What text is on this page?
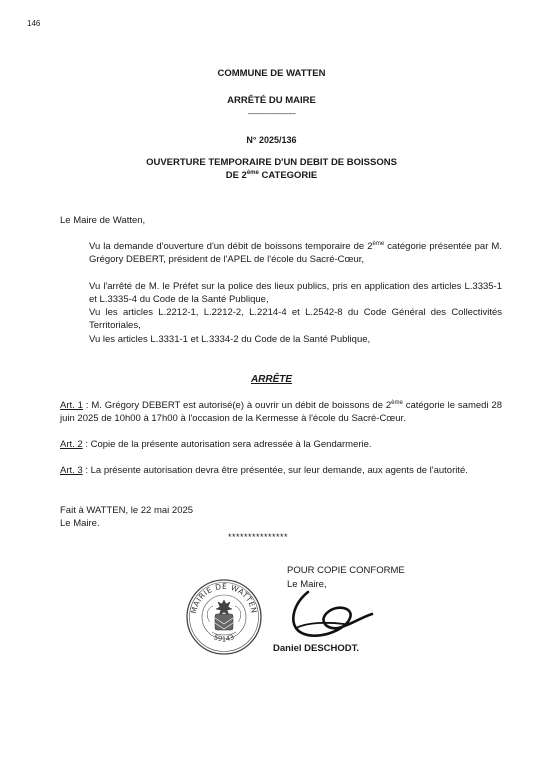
146
COMMUNE DE WATTEN
ARRÊTÉ DU MAIRE
--------------------------
N° 2025/136
OUVERTURE TEMPORAIRE D'UN DEBIT DE BOISSONS
DE 2ème CATEGORIE
Le Maire de Watten,
Vu la demande d'ouverture d'un débit de boissons temporaire de 2ème catégorie présentée par M. Grégory DEBERT, président de l'APEL de l'école du Sacré-Cœur,
Vu l'arrêté de M. le Préfet sur la police des lieux publics, pris en application des articles L.3335-1 et L.3335-4 du Code de la Santé Publique,
Vu les articles L.2212-1, L.2212-2, L.2214-4 et L.2542-8 du Code Général des Collectivités Territoriales,
Vu les articles L.3331-1 et L.3334-2 du Code de la Santé Publique,
ARRÊTE
Art. 1 : M. Grégory DEBERT est autorisé(e) à ouvrir un débit de boissons de 2ème catégorie le samedi 28 juin 2025 de 10h00 à 17h00 à l'occasion de la Kermesse à l'école du Sacré-Cœur.
Art. 2 : Copie de la présente autorisation sera adressée à la Gendarmerie.
Art. 3 : La présente autorisation devra être présentée, sur leur demande, aux agents de l'autorité.
Fait à WATTEN, le 22 mai 2025
Le Maire.
***************
POUR COPIE CONFORME
Le Maire,
MAIRIE DE WATTEN
59143
Daniel DESCHODT.
